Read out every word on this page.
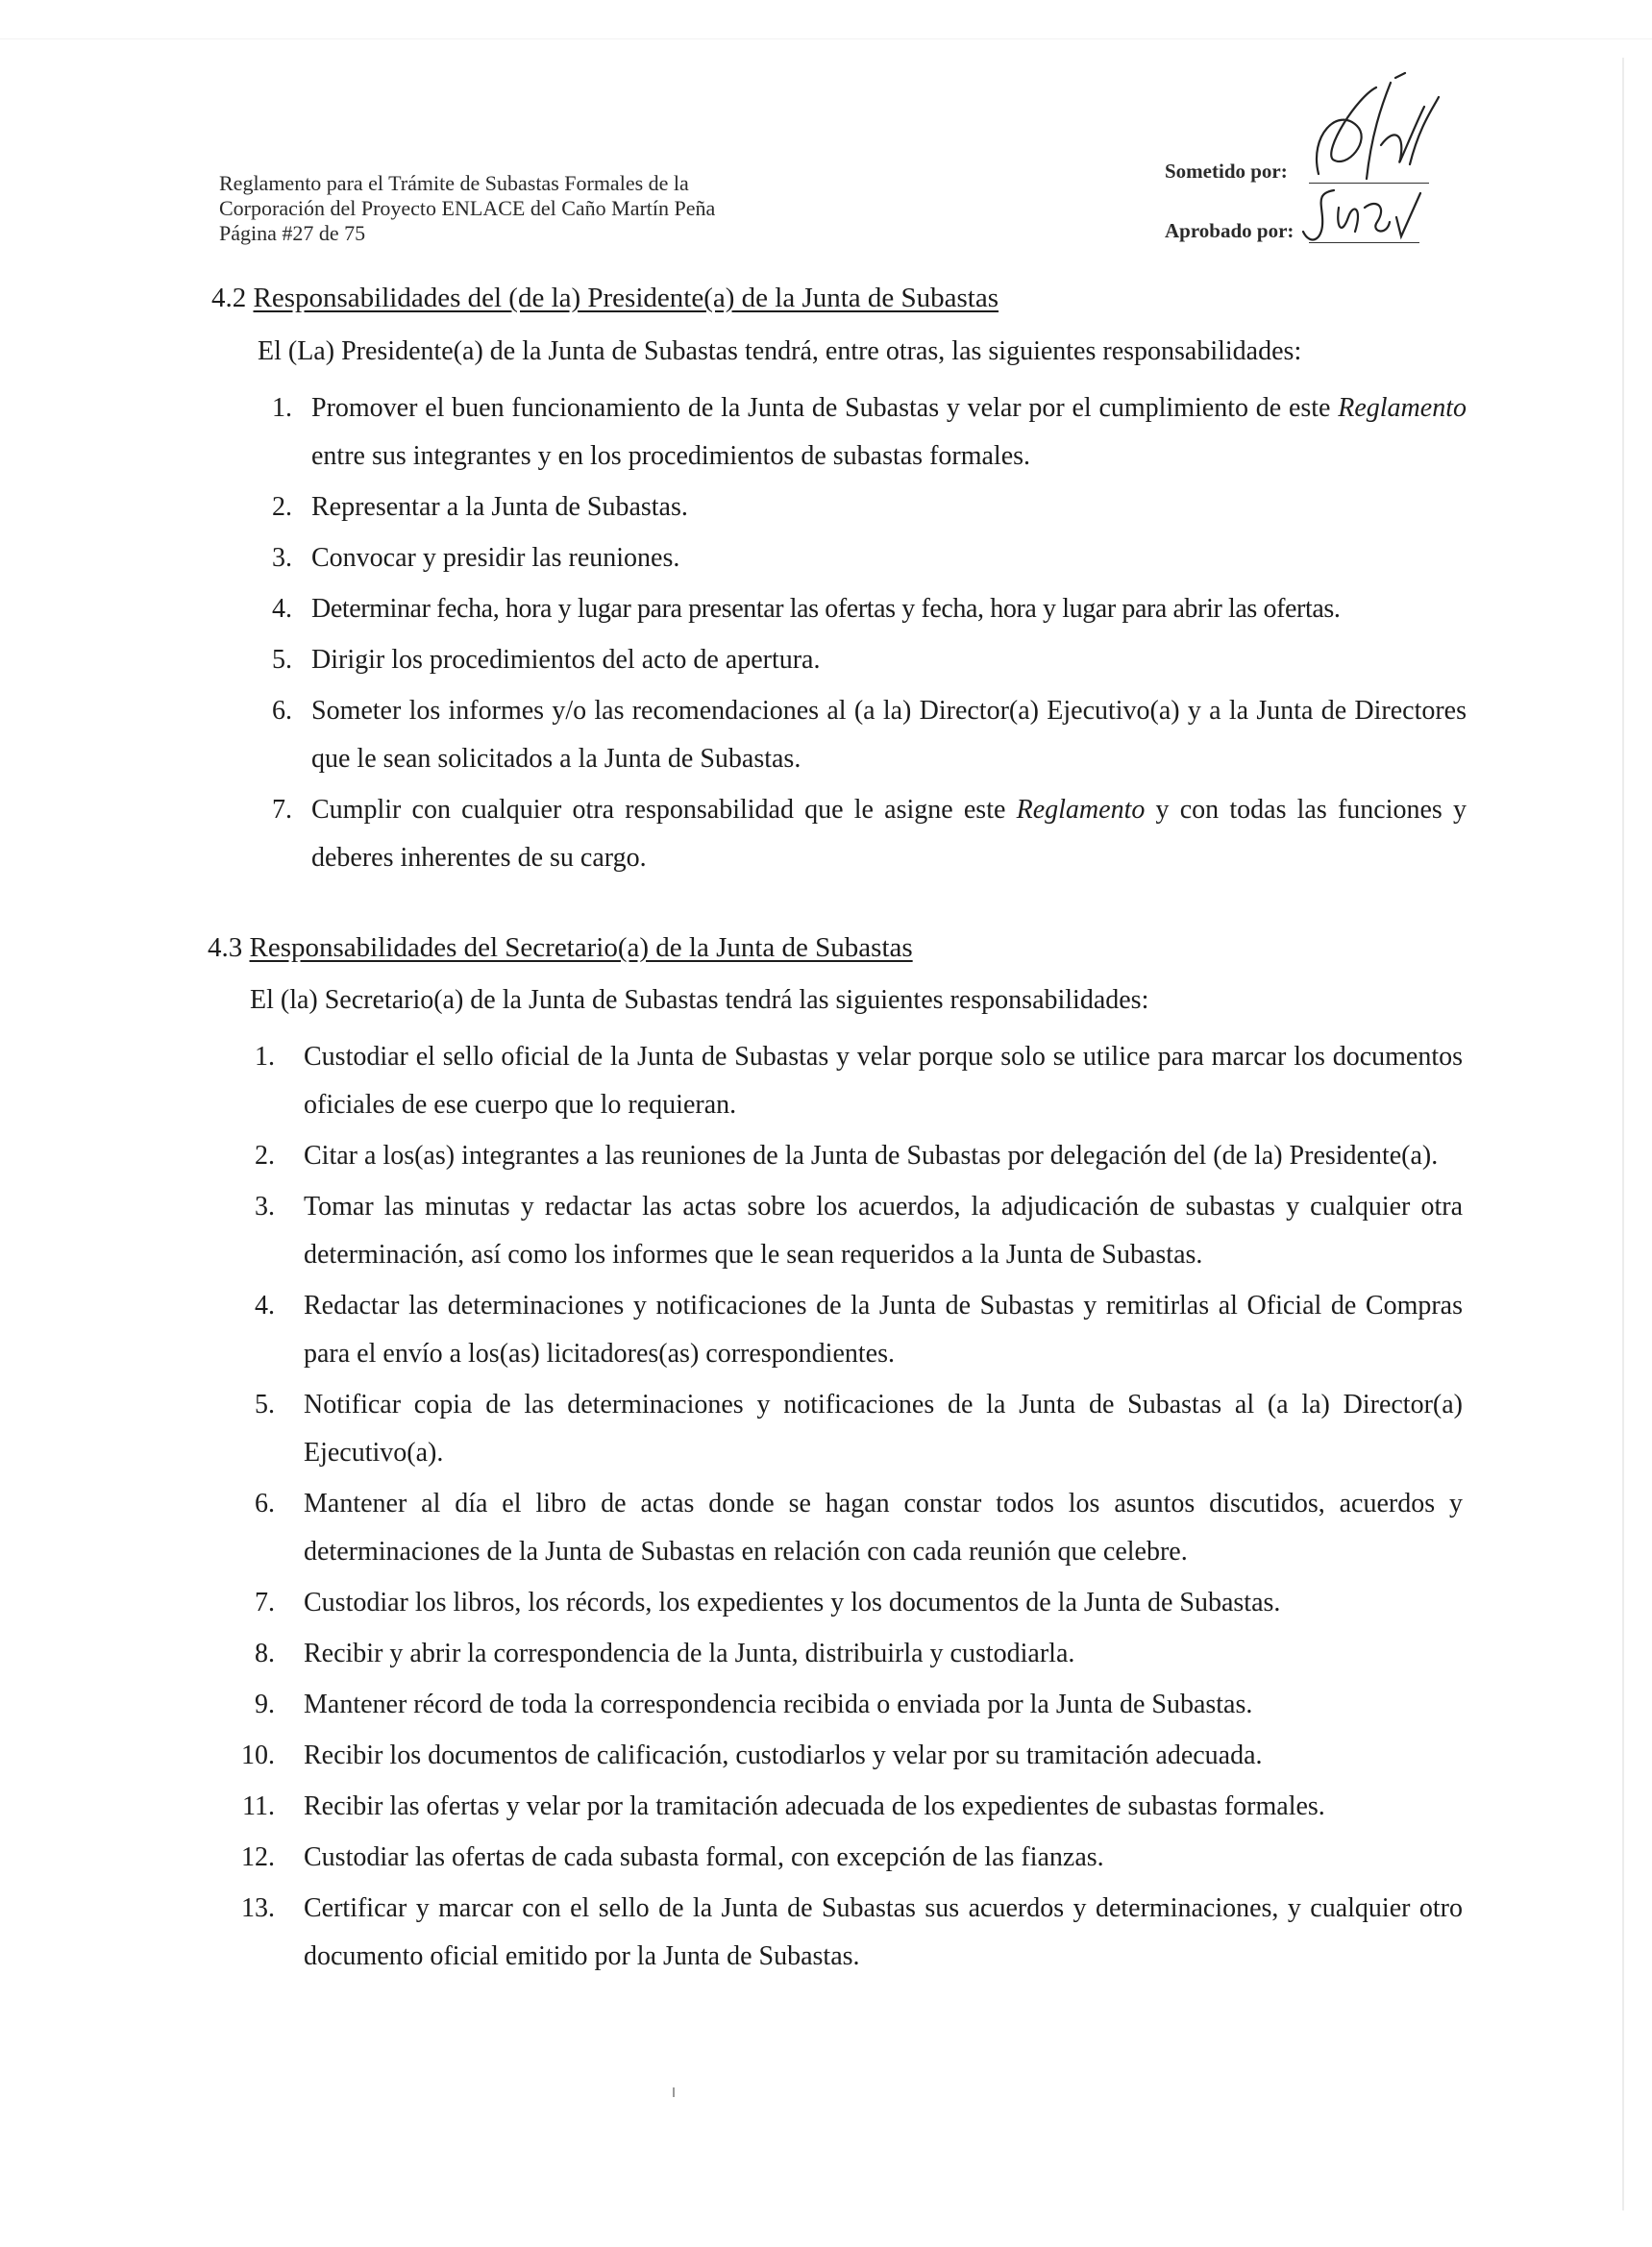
Reglamento para el Trámite de Subastas Formales de la
Corporación del Proyecto ENLACE del Caño Martín Peña
Página #27 de 75
Sometido por:
Aprobado por:
4.2 Responsabilidades del (de la) Presidente(a) de la Junta de Subastas
El (La) Presidente(a) de la Junta de Subastas tendrá, entre otras, las siguientes responsabilidades:
1. Promover el buen funcionamiento de la Junta de Subastas y velar por el cumplimiento de este Reglamento entre sus integrantes y en los procedimientos de subastas formales.
2. Representar a la Junta de Subastas.
3. Convocar y presidir las reuniones.
4. Determinar fecha, hora y lugar para presentar las ofertas y fecha, hora y lugar para abrir las ofertas.
5. Dirigir los procedimientos del acto de apertura.
6. Someter los informes y/o las recomendaciones al (a la) Director(a) Ejecutivo(a) y a la Junta de Directores que le sean solicitados a la Junta de Subastas.
7. Cumplir con cualquier otra responsabilidad que le asigne este Reglamento y con todas las funciones y deberes inherentes de su cargo.
4.3 Responsabilidades del Secretario(a) de la Junta de Subastas
El (la) Secretario(a) de la Junta de Subastas tendrá las siguientes responsabilidades:
1.	Custodiar el sello oficial de la Junta de Subastas y velar porque solo se utilice para marcar los documentos oficiales de ese cuerpo que lo requieran.
2.	Citar a los(as) integrantes a las reuniones de la Junta de Subastas por delegación del (de la) Presidente(a).
3.	Tomar las minutas y redactar las actas sobre los acuerdos, la adjudicación de subastas y cualquier otra determinación, así como los informes que le sean requeridos a la Junta de Subastas.
4.	Redactar las determinaciones y notificaciones de la Junta de Subastas y remitirlas al Oficial de Compras para el envío a los(as) licitadores(as) correspondientes.
5.	Notificar copia de las determinaciones y notificaciones de la Junta de Subastas al (a la) Director(a) Ejecutivo(a).
6.	Mantener al día el libro de actas donde se hagan constar todos los asuntos discutidos, acuerdos y determinaciones de la Junta de Subastas en relación con cada reunión que celebre.
7.	Custodiar los libros, los récords, los expedientes y los documentos de la Junta de Subastas.
8.	Recibir y abrir la correspondencia de la Junta, distribuirla y custodiarla.
9.	Mantener récord de toda la correspondencia recibida o enviada por la Junta de Subastas.
10.	Recibir los documentos de calificación, custodiarlos y velar por su tramitación adecuada.
11.	Recibir las ofertas y velar por la tramitación adecuada de los expedientes de subastas formales.
12.	Custodiar las ofertas de cada subasta formal, con excepción de las fianzas.
13.	Certificar y marcar con el sello de la Junta de Subastas sus acuerdos y determinaciones, y cualquier otro documento oficial emitido por la Junta de Subastas.
